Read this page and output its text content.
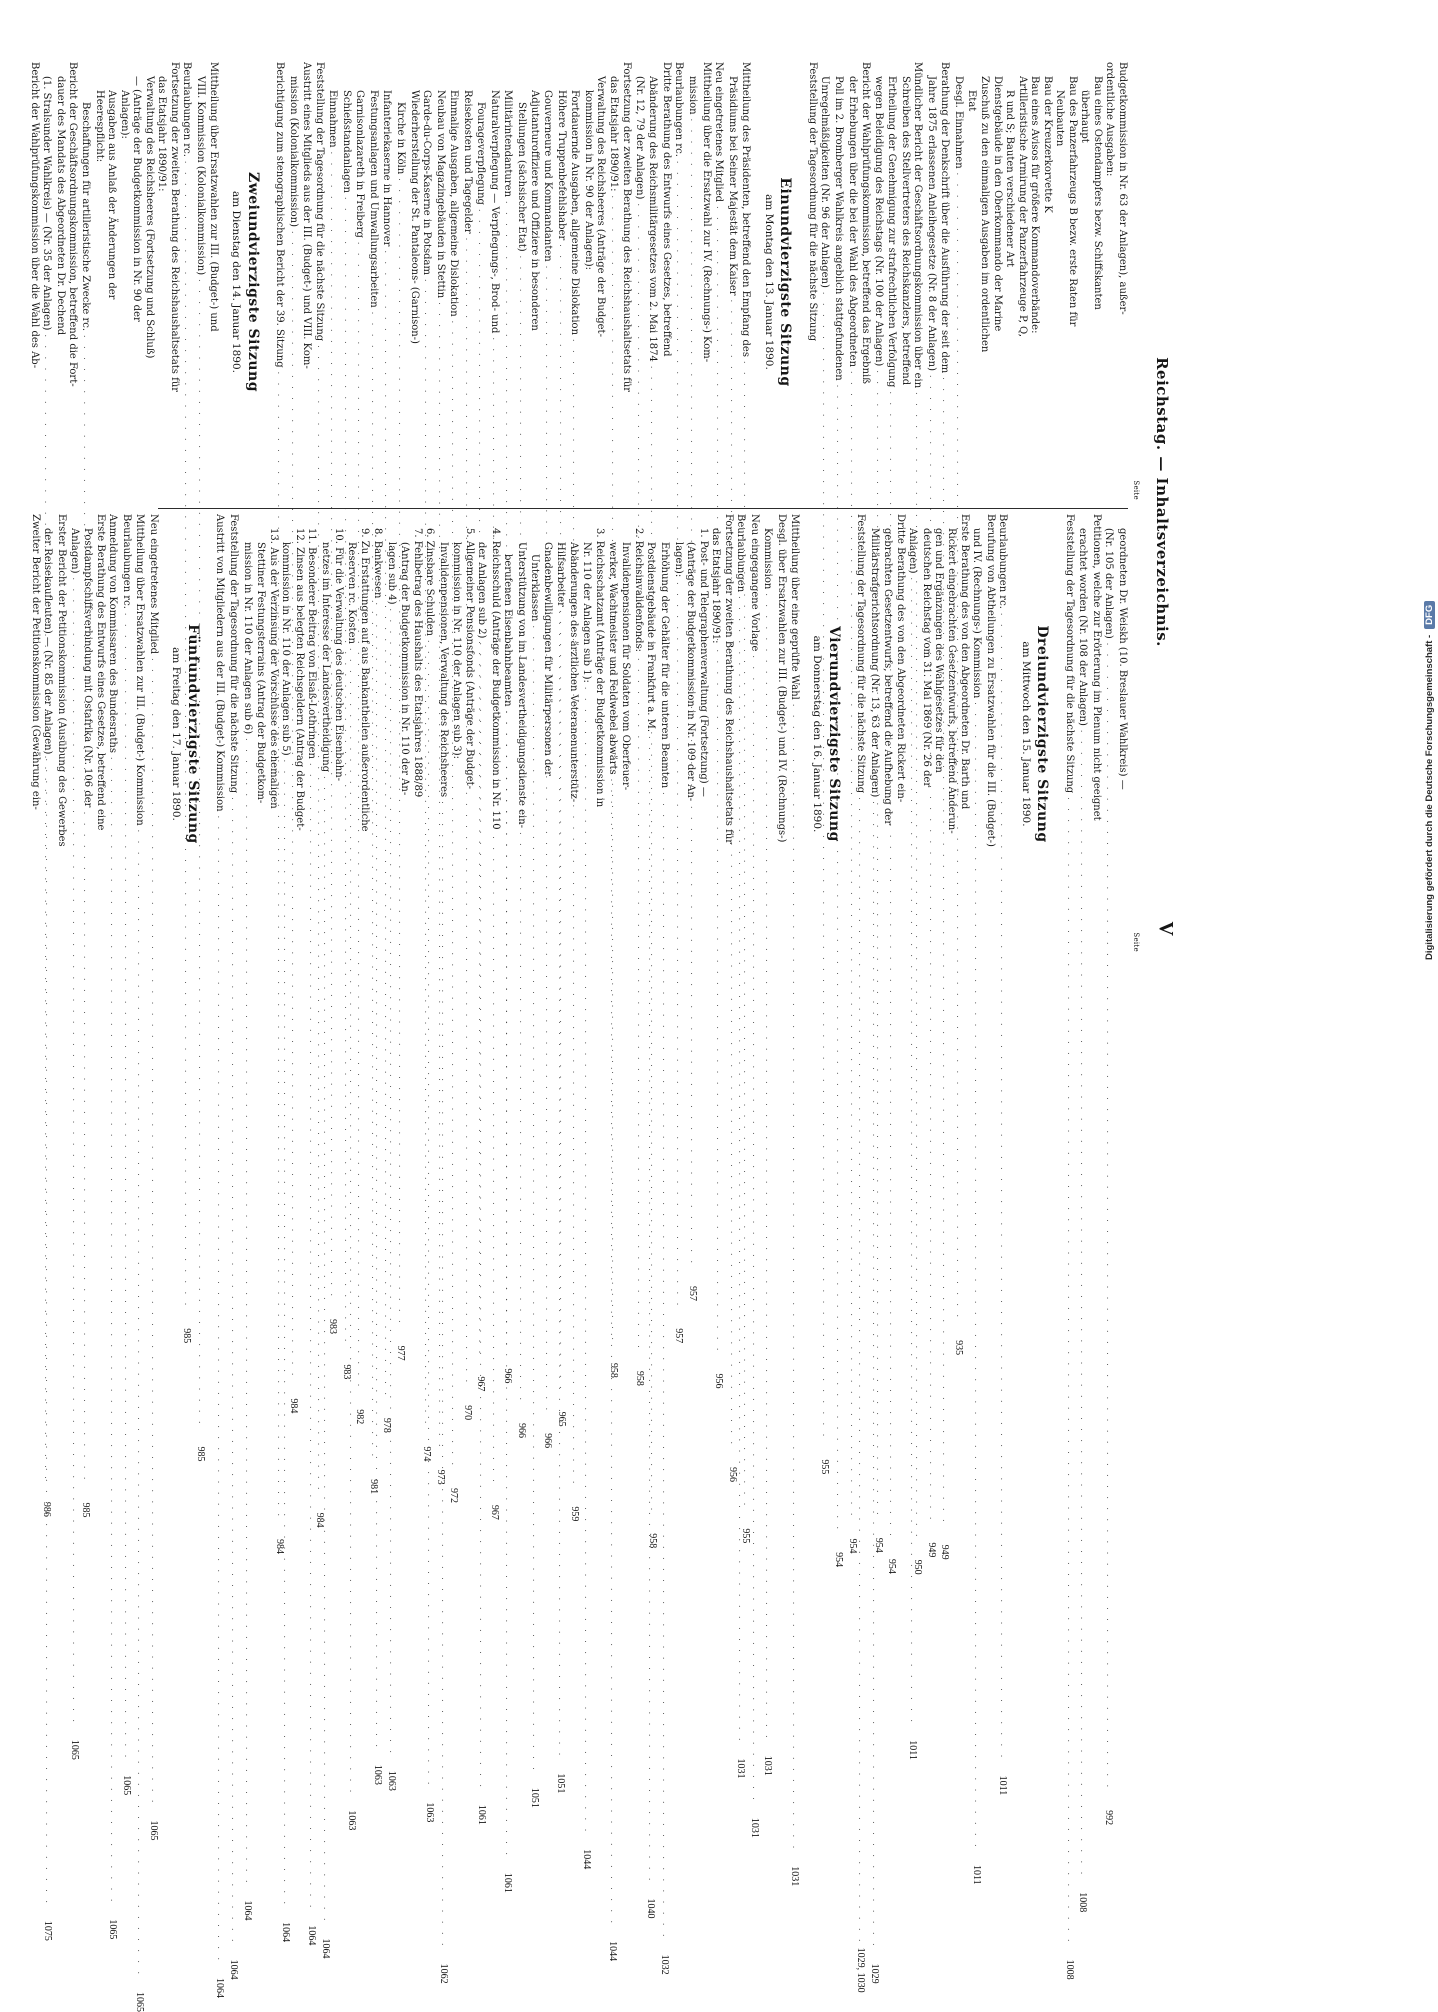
Reichstag. — Inhaltsverzeichnis.
V
Seite
Budgetkommission in Nr. 63 der Anlagen), außer-
ordentliche Ausgaben:
Bau eines Ostendampfers bezw. Schiffskanten
überhaupt
Bau des Panzerfahrzeugs B bezw. erste Raten für
Neubauten
Bau der Kreuzerkorvette K
Bau eines Avisos für größere Kommandoverbände:
Artilleristische Armirung der Panzerfahrzeuge P, Q,
R und S; Bauten verschiedener Art
Dienstgebäude in den Oberkommando der Marine
Zuschuß zu den einmaligen Ausgaben im ordentlichen
Etat
Desgl. Einnahmen
. . .
935
Berathung der Denkschrift über die Ausführung der seit dem
. . .
949
Jahre 1875 erlassenen Anleihegesetze (Nr. 8 der Anlagen)
. . .
949
Mündlicher Bericht der Geschäftsordnungskommission über ein
. . .
950
Schreiben des Stellvertreters des Reichskanzlers, betreffend
Ertheilung der Genehmigung zur strafrechtlichen Verfolgung
. . .
954
wegen Beleidigung des Reichstags (Nr. 100 der Anlagen)
. . .
954
Bericht der Wahlprüfungskommission, betreffend das Ergebniß
der Erhebungen über die bei der Wahl des Abgeordneten
. . .
954
Poll im 2. Bromberger Wahlkreis angeblich stattgefundenen
. . .
954
Unregelmäßigkeiten (Nr. 96 der Anlagen)
. . .
955
Feststellung der Tagesordnung für die nächste Sitzung
Einundvierzigste Sitzung
am Montag den 13. Januar 1890.
Mittheilung des Präsidenten, betreffend den Empfang des
. . .
955
Präsidiums bei Seiner Majestät dem Kaiser
. . .
956
Neu eingetretenes Mitglied
. . .
956
Mittheilung über die Ersatzwahl zur IV. (Rechnungs-) Kom-
mission
. . .
957
Beurlaubungen rc.
. . .
957
Dritte Berathung des Entwurfs eines Gesetzes, betreffend
Abänderung des Reichsmilitärgesetzes vom 2. Mai 1874
. . .
958
(Nr. 12, 79 der Anlagen)
. . .
958
Fortsetzung der zweiten Berathung des Reichshaushaltsetats für
das Etatsjahr 1890/91:
. . .
958
Verwaltung des Reichsheeres (Anträge der Budget-
kommission in Nr. 90 der Anlagen):
Fortdauernde Ausgaben, allgemeine Dislokation
. . .
959
Höhere Truppenbefehlshaber
. . .
965
Gouverneure und Kommandanten
. . .
966
Adjutanturoffiziere und Offiziere in besonderen
Stellungen (sächsischer Etat)
. . .
966
Militärintendanturen
. . .
966
Naturalverpflegung — Verpflegungs-, Brod- und
. . .
967
Fourageverpflegung
. . .
967
Reisekosten und Tagegelder
. . .
970
Einmalige Ausgaben, allgemeine Dislokation
. . .
972
Neubau von Magazingebäuden in Stettin
. . .
973
Garde-du-Corps-Kaserne in Potsdam
. . .
974
Wiederherstellung der St. Pantaleons- (Garnison-)
Kirche in Köln
. . .
977
Infanteriekaserne in Hannover
. . .
978
Festungsanlagen und Umwallungsarbeiten
. . .
981
Garnisonlazareth in Freiberg
. . .
982
Schießstandanlagen
. . .
983
Einnahmen
. . .
983
Feststellung der Tagesordnung für die nächste Sitzung
. . .
984
Austritt eines Mitglieds aus der III. (Budget-) und VIII. Kom-
mission (Kolonialkommission)
. . .
984
Berichtigung zum stenographischen Bericht der 39. Sitzung
. . .
984
Zweiundvierzigste Sitzung
am Dienstag den 14. Januar 1890.
Mittheilung über Ersatzwahlen zur III. (Budget-) und
VIII. Kommission (Kolonialkommission)
. . .
985
Beurlaubungen rc.
. . .
985
Fortsetzung der zweiten Berathung des Reichshaushaltsetats für
das Etatsjahr 1890/91:
Verwaltung des Reichsheeres (Fortsetzung und Schluß)
— (Anträge der Budgetkommission in Nr. 90 der
Anlagen):
Ausgaben aus Anlaß der Änderungen der
Heerespflicht:
Beschaffungen für artilleristische Zwecke rc.
. . .
985
Bericht der Geschäftsordnungskommission, betreffend die Fort-
dauer des Mandats des Abgeordneten Dr. Dechend
(1. Stralsunder Wahlkreis) — (Nr. 35 der Anlagen)
. . .
986
Bericht der Wahlprüfungskommission über die Wahl des Ab-
Seite
geordneten Dr. Weiskh (10. Breslauer Wahlkreis) —
(Nr. 105 der Anlagen)
. . .
992
Petitionen, welche zur Erörterung im Plenum nicht geeignet
erachtet worden (Nr. 108 der Anlagen)
. . .
1008
Feststellung der Tagesordnung für die nächste Sitzung
. . .
1008
Dreiundvierzigste Sitzung
am Mittwoch den 15. Januar 1890.
Beurlaubungen rc.
. . .
1011
Berufung von Abtheilungen zu Ersatzwahlen für die III. (Budget-)
und IV. (Rechnungs-) Kommission
. . .
1011
Erste Berathung des von den Abgeordneten Dr. Barth und
Rickert eingebrachten Gesetzentwurfs, betreffend Änderun-
gen und Ergänzungen des Wahlgesetzes für den
deutschen Reichstag vom 31. Mai 1869 (Nr. 26 der
Anlagen)
. . .
1011
Dritte Berathung des von den Abgeordneten Rickert ein-
gebrachten Gesetzentwurfs, betreffend die Aufhebung der
Militärstrafgerichtsordnung (Nr. 13, 63 der Anlagen)
. . .
1029
Feststellung der Tagesordnung für die nächste Sitzung
. . .
1029, 1030
Vierundvierzigste Sitzung
am Donnerstag den 16. Januar 1890.
Mittheilung über eine geprüfte Wahl
. . .
1031
Desgl. über Ersatzwahlen zur III. (Budget-) und IV. (Rechnungs-)
Kommission
. . .
1031
Neu eingegangene Vorlage
. . .
1031
Beurlaubungen
. . .
1031
Fortsetzung der zweiten Berathung des Reichshaushaltsetats für
das Etatsjahr 1890/91:
1. Post- und Telegraphenverwaltung (Fortsetzung) —
(Anträge der Budgetkommission in Nr. 109 der An-
lagen):
Erhöhung der Gehälter für die unteren Beamten
. . .
1032
Postdienstgebäude in Frankfurt a. M.
. . .
1040
2. Reichsinvalidenfonds:
Invalidenpensionen für Soldaten vom Oberfeuer-
werker, Wachtmeister und Feldwebel abwärts
. . .
1044
3. Reichsschatzamt (Anträge der Budgetkommission in
Nr. 110 der Anlagen sub 1):
. . .
1044
Abänderungen des ärztlichen Veteranenunterstütz-
Hilfsarbeiter
. . .
1051
Gnadenbewilligungen für Militärpersonen der
Unterklassen
. . .
1051
Unterstützung von im Landesvertheidigungsdienste ein-
berufenen Eisenbahnbeamten
. . .
1061
4. Reichsschuld (Anträge der Budgetkommission in Nr. 110
der Anlagen sub 2)
. . .
1061
5. Allgemeiner Pensionsfonds (Anträge der Budget-
kommission in Nr. 110 der Anlagen sub 3):
Invalidenpensionen, Verwaltung des Reichsheeres
. . .
1062
6. Zinsbare Schulden
. . .
1063
7. Fehlbetrag des Haushalts des Etatsjahres 1888/89
(Antrag der Budgetkommission in Nr. 110 der An-
lagen sub 4)
. . .
1063
8. Bankwesen
. . .
1063
9. Zu Erstattungen auf aus Bankantheilen außerordentliche
Reserven rc. Kosten
. . .
1063
10. Für die Verwaltung des deutschen Eisenbahn-
netzes im Interesse der Landesvertheidigung
. . .
1064
11. Besonderer Beitrag von Elsaß-Lothringen
. . .
1064
12. Zinsen aus belegten Reichsgeldern (Antrag der Budget-
kommission in Nr. 110 der Anlagen sub 5)
. . .
1064
13. Aus der Verzinsung der Vorschüsse des ehemaligen
Stettiner Festungsterrains (Antrag der Budgetkom-
mission in Nr. 110 der Anlagen sub 6)
. . .
1064
Feststellung der Tagesordnung für die nächste Sitzung
. . .
1064
Austritt von Mitgliedern aus der III. (Budget-) Kommission
. . .
1064
Fünfundvierzigste Sitzung
am Freitag den 17. Januar 1890.
Neu eingetretenes Mitglied
. . .
1065
Mittheilung über Ersatzwahlen zur III. (Budget-) Kommission
. . .
1065
Beurlaubungen rc.
. . .
1065
Anmeldung von Kommissaren des Bundesraths
. . .
1065
Erste Berathung des Entwurfs eines Gesetzes, betreffend eine
Postdampfschiffsverbindung mit Ostafrika (Nr. 106 der
Anlagen)
. . .
1065
Erster Bericht der Petitionskommission (Ausübung des Gewerbes
der Reisekaufleuten) — (Nr. 85 der Anlagen)
. . .
1075
Zweiter Bericht der Petitionskommission (Gewährung ein-	Digitalisierung gefördert durch die Deutsche Forschungsgemeinschaft -DFG
